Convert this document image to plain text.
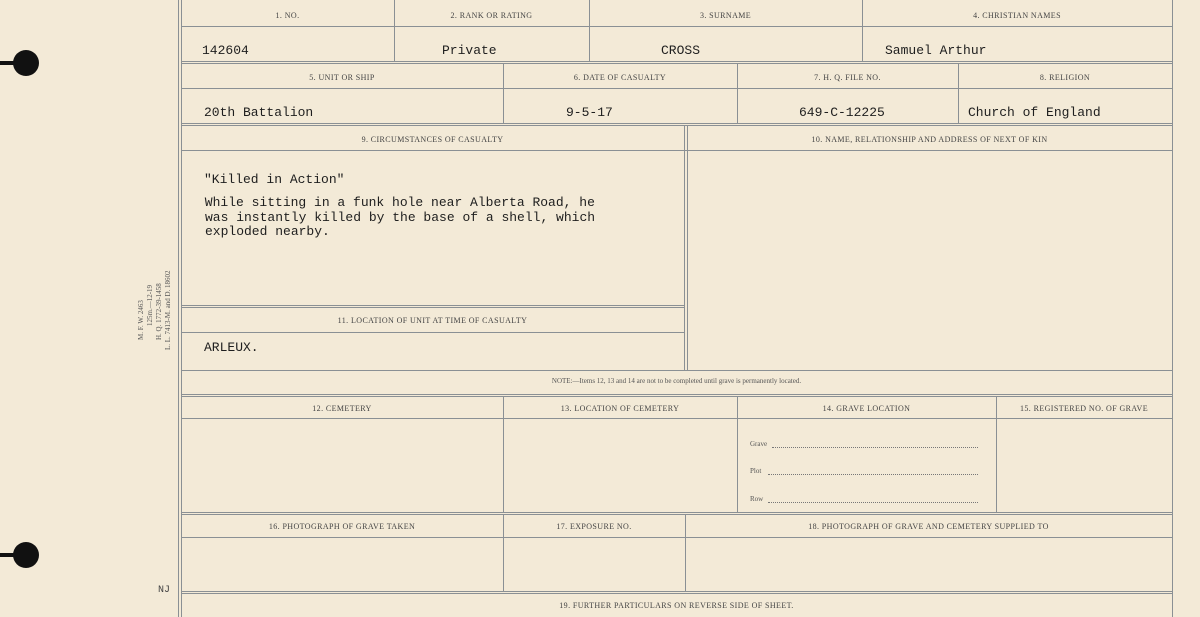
M. F. W. 2463 125m.—12-19 H. Q. 1772-39-1458 L. L. 7413-M. and D. 18602
NJ
1. NO.	2. RANK OR RATING	3. SURNAME	4. CHRISTIAN NAMES
142604	Private	CROSS	Samuel Arthur
5. UNIT OR SHIP	6. DATE OF CASUALTY	7. H. Q. FILE NO.	8. RELIGION
20th Battalion	9-5-17	649-C-12225	Church of England
9. CIRCUMSTANCES OF CASUALTY	10. NAME, RELATIONSHIP AND ADDRESS OF NEXT OF KIN
"Killed in Action"
While sitting in a funk hole near Alberta Road, he
was instantly killed by the base of a shell, which
exploded nearby.
11. LOCATION OF UNIT AT TIME OF CASUALTY
ARLEUX.
NOTE:—Items 12, 13 and 14 are not to be completed until grave is permanently located.
12. CEMETERY	13. LOCATION OF CEMETERY	14. GRAVE LOCATION	15. REGISTERED NO. OF GRAVE
Grave
Plot
Row
16. PHOTOGRAPH OF GRAVE TAKEN	17. EXPOSURE NO.	18. PHOTOGRAPH OF GRAVE AND CEMETERY SUPPLIED TO
19. FURTHER PARTICULARS ON REVERSE SIDE OF SHEET.
